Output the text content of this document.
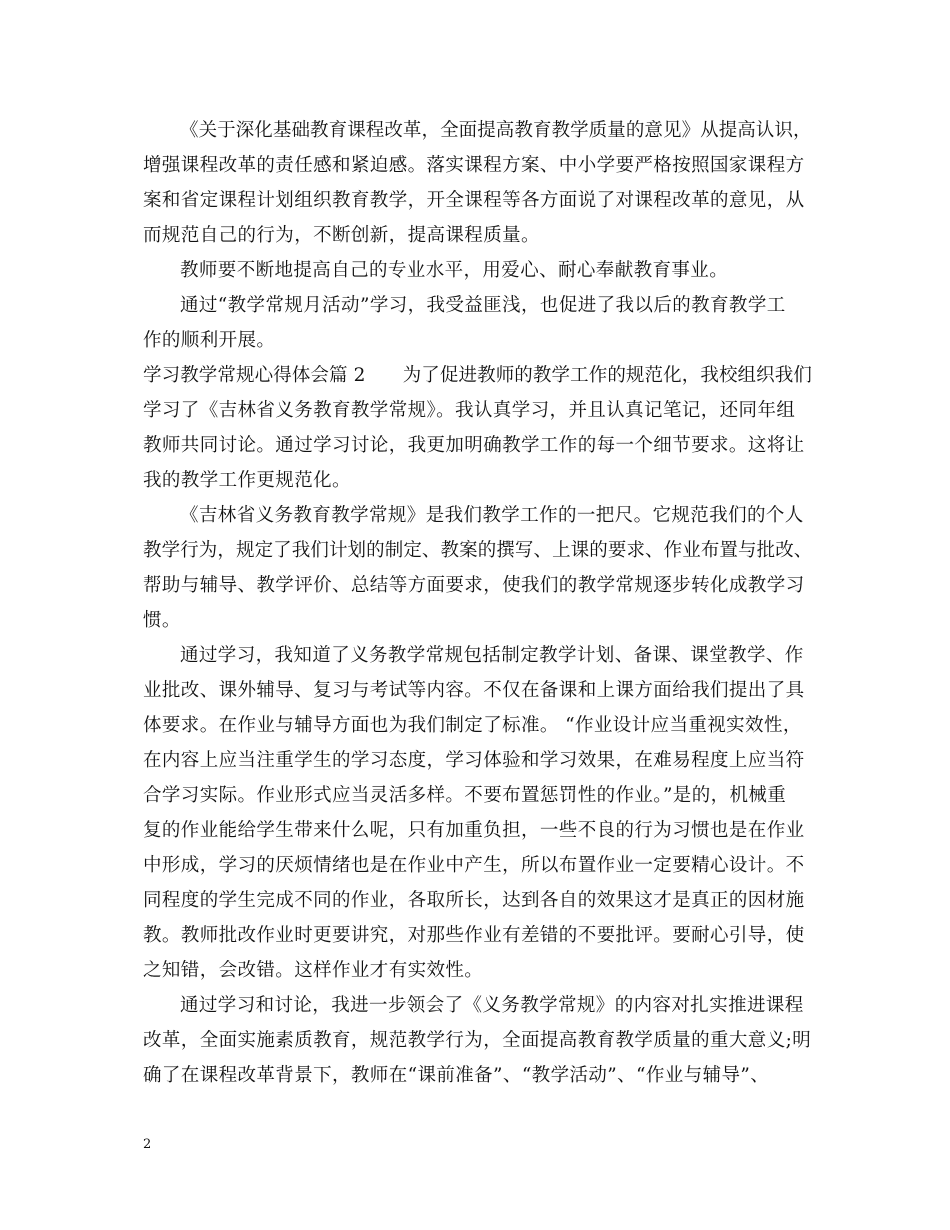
《关于深化基础教育课程改革，全面提高教育教学质量的意见》从提高认识，
增强课程改革的责任感和紧迫感。落实课程方案、中小学要严格按照国家课程方
案和省定课程计划组织教育教学，开全课程等各方面说了对课程改革的意见，从
而规范自己的行为，不断创新，提高课程质量。
教师要不断地提高自己的专业水平，用爱心、耐心奉献教育事业。
通过“教学常规月活动”学习，我受益匪浅，也促进了我以后的教育教学工
作的顺利开展。
学习教学常规心得体会篇 2　　为了促进教师的教学工作的规范化，我校组织我们
学习了《吉林省义务教育教学常规》。我认真学习，并且认真记笔记，还同年组
教师共同讨论。通过学习讨论，我更加明确教学工作的每一个细节要求。这将让
我的教学工作更规范化。
《吉林省义务教育教学常规》是我们教学工作的一把尺。它规范我们的个人
教学行为，规定了我们计划的制定、教案的撰写、上课的要求、作业布置与批改、
帮助与辅导、教学评价、总结等方面要求，使我们的教学常规逐步转化成教学习
惯。
通过学习，我知道了义务教学常规包括制定教学计划、备课、课堂教学、作
业批改、课外辅导、复习与考试等内容。不仅在备课和上课方面给我们提出了具
体要求。在作业与辅导方面也为我们制定了标准。 “作业设计应当重视实效性，
在内容上应当注重学生的学习态度，学习体验和学习效果，在难易程度上应当符
合学习实际。作业形式应当灵活多样。不要布置惩罚性的作业。”是的，机械重
复的作业能给学生带来什么呢，只有加重负担，一些不良的行为习惯也是在作业
中形成，学习的厌烦情绪也是在作业中产生，所以布置作业一定要精心设计。不
同程度的学生完成不同的作业，各取所长，达到各自的效果这才是真正的因材施
教。教师批改作业时更要讲究，对那些作业有差错的不要批评。要耐心引导，使
之知错，会改错。这样作业才有实效性。
通过学习和讨论，我进一步领会了《义务教学常规》的内容对扎实推进课程
改革，全面实施素质教育，规范教学行为，全面提高教育教学质量的重大意义;明
确了在课程改革背景下，教师在“课前准备”、“教学活动”、“作业与辅导”、
2
